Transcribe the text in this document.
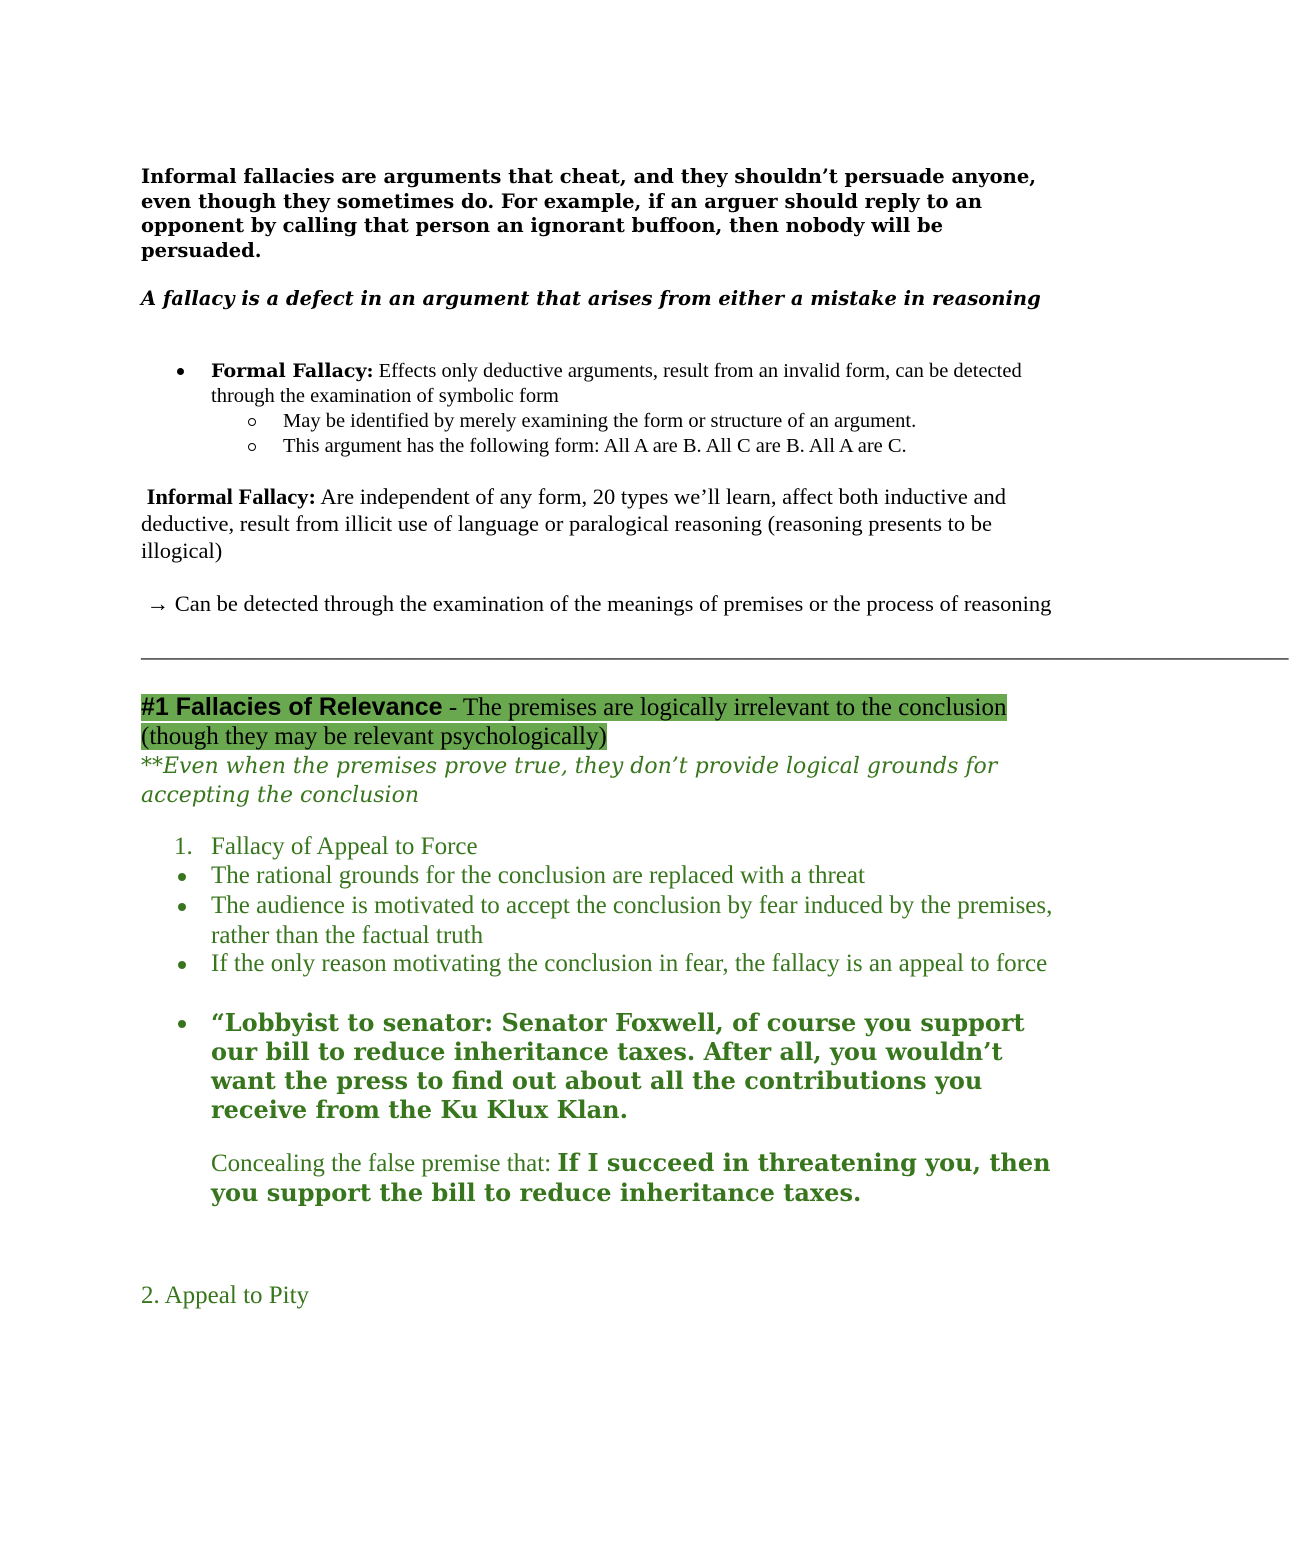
Informal fallacies are arguments that cheat, and they shouldn’t persuade anyone, even though they sometimes do. For example, if an arguer should reply to an opponent by calling that person an ignorant buffoon, then nobody will be persuaded.
A fallacy is a defect in an argument that arises from either a mistake in reasoning
Formal Fallacy: Effects only deductive arguments, result from an invalid form, can be detected through the examination of symbolic form
May be identified by merely examining the form or structure of an argument.
This argument has the following form: All A are B. All C are B. All A are C.
Informal Fallacy: Are independent of any form, 20 types we’ll learn, affect both inductive and deductive, result from illicit use of language or paralogical reasoning (reasoning presents to be illogical)
→ Can be detected through the examination of the meanings of premises or the process of reasoning
———————————————————————————————————————————————————
#1 Fallacies of Relevance - The premises are logically irrelevant to the conclusion (though they may be relevant psychologically)
**Even when the premises prove true, they don’t provide logical grounds for accepting the conclusion
1. Fallacy of Appeal to Force
The rational grounds for the conclusion are replaced with a threat
The audience is motivated to accept the conclusion by fear induced by the premises, rather than the factual truth
If the only reason motivating the conclusion in fear, the fallacy is an appeal to force
“Lobbyist to senator: Senator Foxwell, of course you support our bill to reduce inheritance taxes. After all, you wouldn’t want the press to find out about all the contributions you receive from the Ku Klux Klan.
Concealing the false premise that: If I succeed in threatening you, then you support the bill to reduce inheritance taxes.
2. Appeal to Pity
